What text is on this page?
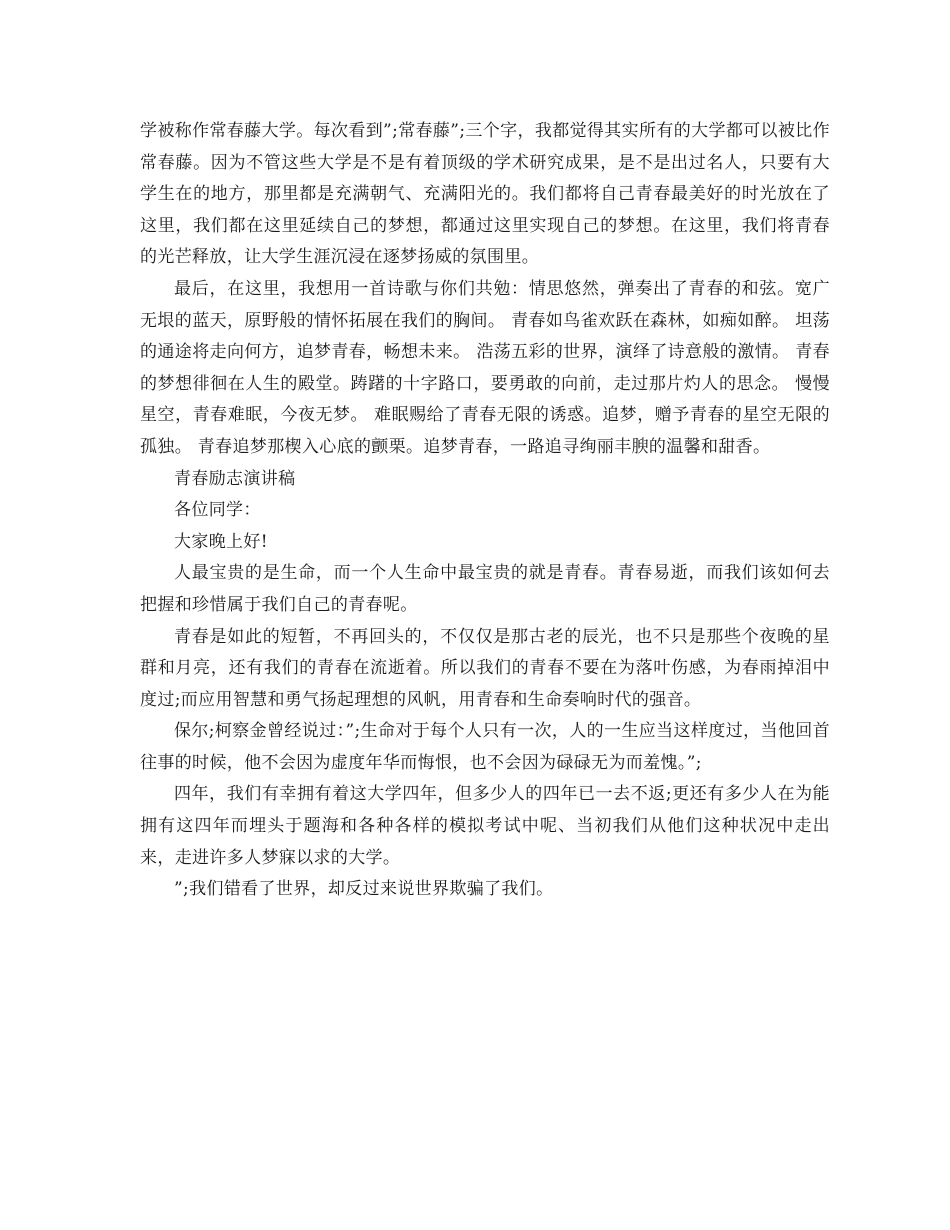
学被称作常春藤大学。每次看到”;常春藤”;三个字，我都觉得其实所有的大学都可以被比作常春藤。因为不管这些大学是不是有着顶级的学术研究成果，是不是出过名人，只要有大学生在的地方，那里都是充满朝气、充满阳光的。我们都将自己青春最美好的时光放在了这里，我们都在这里延续自己的梦想，都通过这里实现自己的梦想。在这里，我们将青春的光芒释放，让大学生涯沉浸在逐梦扬威的氛围里。

最后，在这里，我想用一首诗歌与你们共勉：情思悠然，弹奏出了青春的和弦。宽广无垠的蓝天，原野般的情怀拓展在我们的胸间。 青春如鸟雀欢跃在森林，如痴如醉。 坦荡的通途将走向何方，追梦青春，畅想未来。 浩荡五彩的世界，演绎了诗意般的激情。 青春的梦想徘徊在人生的殿堂。踌躇的十字路口，要勇敢的向前，走过那片灼人的思念。 慢慢星空，青春难眠，今夜无梦。 难眠赐给了青春无限的诱惑。追梦，赠予青春的星空无限的孤独。 青春追梦那楔入心底的颤栗。追梦青春，一路追寻绚丽丰腴的温馨和甜香。

青春励志演讲稿

各位同学：

大家晚上好!

人最宝贵的是生命，而一个人生命中最宝贵的就是青春。青春易逝，而我们该如何去把握和珍惜属于我们自己的青春呢。

青春是如此的短暂，不再回头的，不仅仅是那古老的辰光，也不只是那些个夜晚的星群和月亮，还有我们的青春在流逝着。所以我们的青春不要在为落叶伤感，为春雨掉泪中度过;而应用智慧和勇气扬起理想的风帆，用青春和生命奏响时代的强音。

保尔;柯察金曾经说过：”;生命对于每个人只有一次，人的一生应当这样度过，当他回首往事的时候，他不会因为虚度年华而悔恨，也不会因为碌碌无为而羞愧。”;

四年，我们有幸拥有着这大学四年，但多少人的四年已一去不返;更还有多少人在为能拥有这四年而埋头于题海和各种各样的模拟考试中呢、当初我们从他们这种状况中走出来，走进许多人梦寐以求的大学。

”;我们错看了世界，却反过来说世界欺骗了我们。
